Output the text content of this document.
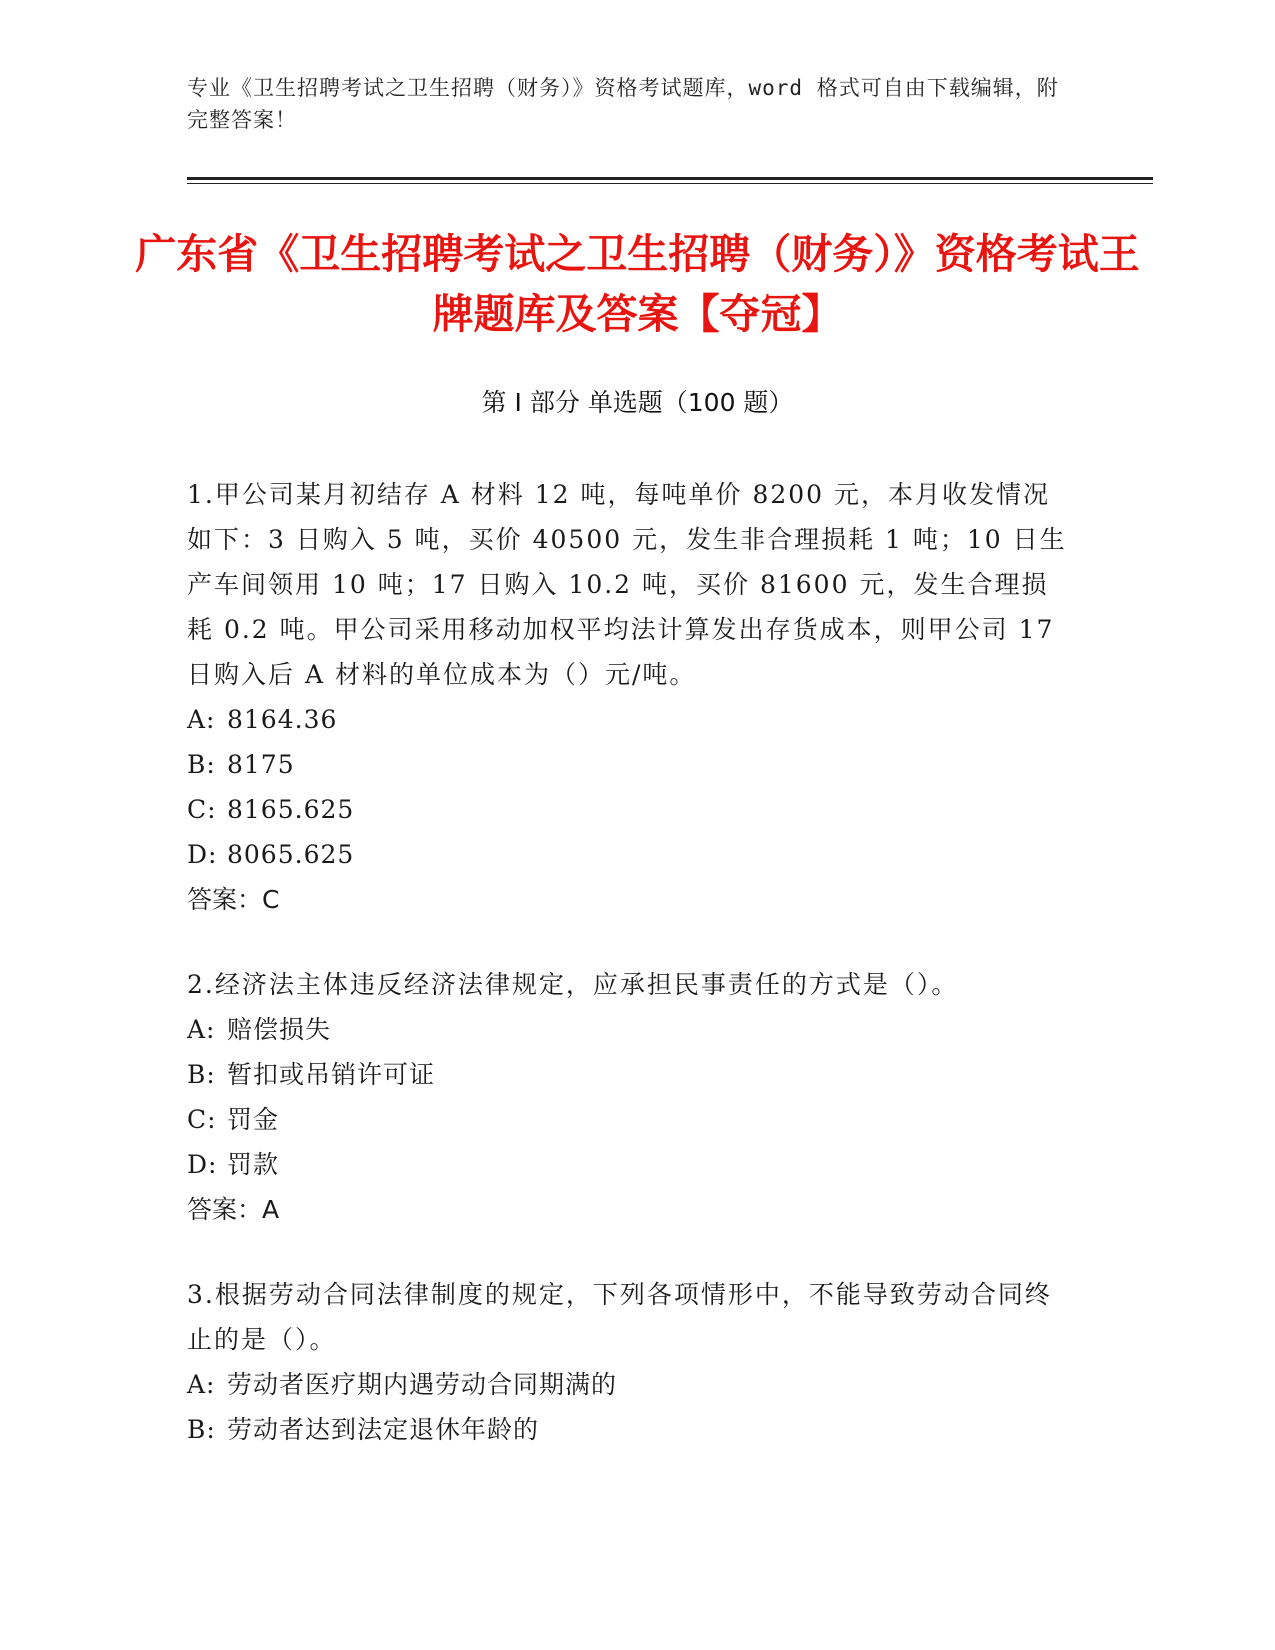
专业《卫生招聘考试之卫生招聘（财务）》资格考试题库，word 格式可自由下载编辑，附完整答案！
广东省《卫生招聘考试之卫生招聘（财务）》资格考试王牌题库及答案【夺冠】
第 I 部分 单选题（100 题）

1.甲公司某月初结存 A 材料 12 吨，每吨单价 8200 元，本月收发情况如下：3 日购入 5 吨，买价 40500 元，发生非合理损耗 1 吨；10 日生产车间领用 10 吨；17 日购入 10.2 吨，买价 81600 元，发生合理损耗 0.2 吨。甲公司采用移动加权平均法计算发出存货成本，则甲公司 17 日购入后 A 材料的单位成本为（）元/吨。

A: 8164.36

B: 8175

C: 8165.625

D: 8065.625

答案：C

2.经济法主体违反经济法律规定，应承担民事责任的方式是（）。

A: 赔偿损失

B: 暂扣或吊销许可证

C: 罚金

D: 罚款

答案：A

3.根据劳动合同法律制度的规定，下列各项情形中，不能导致劳动合同终止的是（）。

A: 劳动者医疗期内遇劳动合同期满的

B: 劳动者达到法定退休年龄的
